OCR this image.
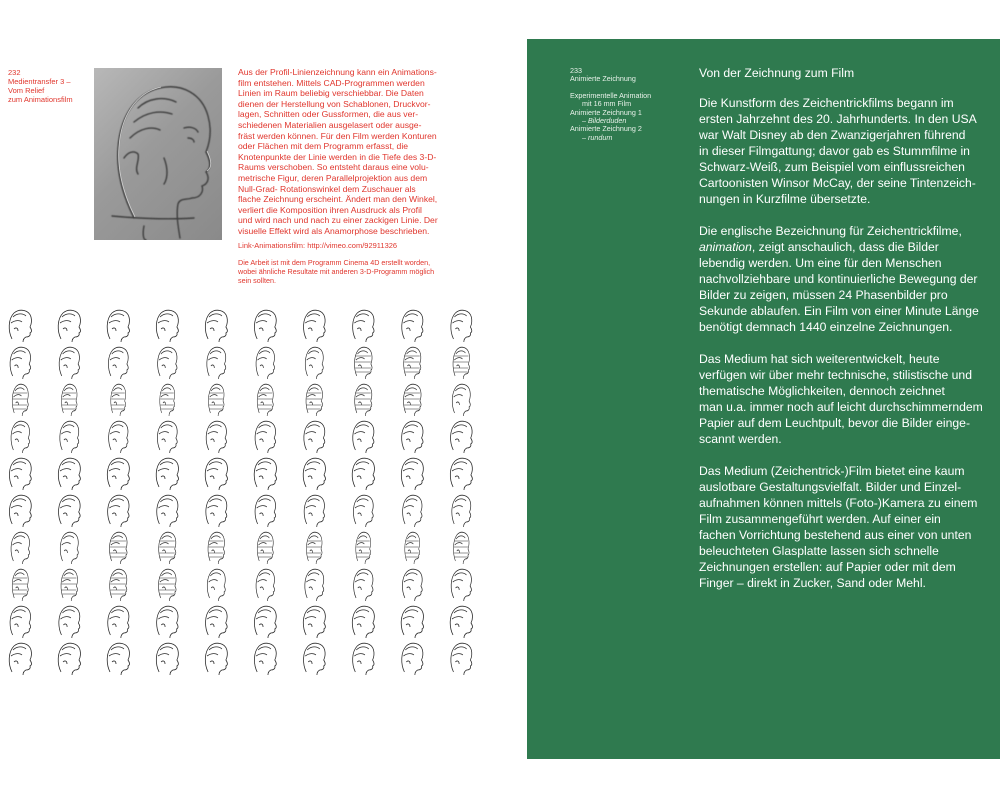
232
Medientransfer 3 –
Vom Relief
zum Animationsfilm
Aus der Profil-Linienzeichnung kann ein Animations-
film entstehen. Mittels CAD-Programmen werden
Linien im Raum beliebig verschiebbar. Die Daten
dienen der Herstellung von Schablonen, Druckvor-
lagen, Schnitten oder Gussformen, die aus ver-
schiedenen Materialien ausgelasert oder ausge-
fräst werden können. Für den Film werden Konturen
oder Flächen mit dem Programm erfasst, die
Knotenpunkte der Linie werden in die Tiefe des 3-D-
Raums verschoben. So entsteht daraus eine volu-
metrische Figur, deren Parallelprojektion aus dem
Null-Grad- Rotationswinkel dem Zuschauer als
flache Zeichnung erscheint. Ändert man den Winkel,
verliert die Komposition ihren Ausdruck als Profil
und wird nach und nach zu einer zackigen Linie. Der
visuelle Effekt wird als Anamorphose beschrieben.
Link-Animationsfilm: http://vimeo.com/92911326
Die Arbeit ist mit dem Programm Cinema 4D erstellt worden,
wobei ähnliche Resultate mit anderen 3-D-Programm möglich
sein sollten.
233
Animierte Zeichnung
Experimentelle Animation
mit 16 mm Film
Animierte Zeichnung 1
– Bilderduden
Animierte Zeichnung 2
– rundum
Von der Zeichnung zum Film
Die Kunstform des Zeichentrickfilms begann im
ersten Jahrzehnt des 20. Jahrhunderts. In den USA
war Walt Disney ab den Zwanzigerjahren führend
in dieser Filmgattung; davor gab es Stummfilme in
Schwarz-Weiß, zum Beispiel vom einflussreichen
Cartoonisten Winsor McCay, der seine Tintenzeich-
nungen in Kurzfilme übersetzte.
Die englische Bezeichnung für Zeichentrickfilme,
animation, zeigt anschaulich, dass die Bilder
lebendig werden. Um eine für den Menschen
nachvollziehbare und kontinuierliche Bewegung der
Bilder zu zeigen, müssen 24 Phasenbilder pro
Sekunde ablaufen. Ein Film von einer Minute Länge
benötigt demnach 1440 einzelne Zeichnungen.
Das Medium hat sich weiterentwickelt, heute
verfügen wir über mehr technische, stilistische und
thematische Möglichkeiten, dennoch zeichnet
man u.a. immer noch auf leicht durchschimmerndem
Papier auf dem Leuchtpult, bevor die Bilder einge-
scannt werden.
Das Medium (Zeichentrick-)Film bietet eine kaum
auslotbare Gestaltungsvielfalt. Bilder und Einzel-
aufnahmen können mittels (Foto-)Kamera zu einem
Film zusammengeführt werden. Auf einer ein
fachen Vorrichtung bestehend aus einer von unten
beleuchteten Glasplatte lassen sich schnelle
Zeichnungen erstellen: auf Papier oder mit dem
Finger – direkt in Zucker, Sand oder Mehl.
